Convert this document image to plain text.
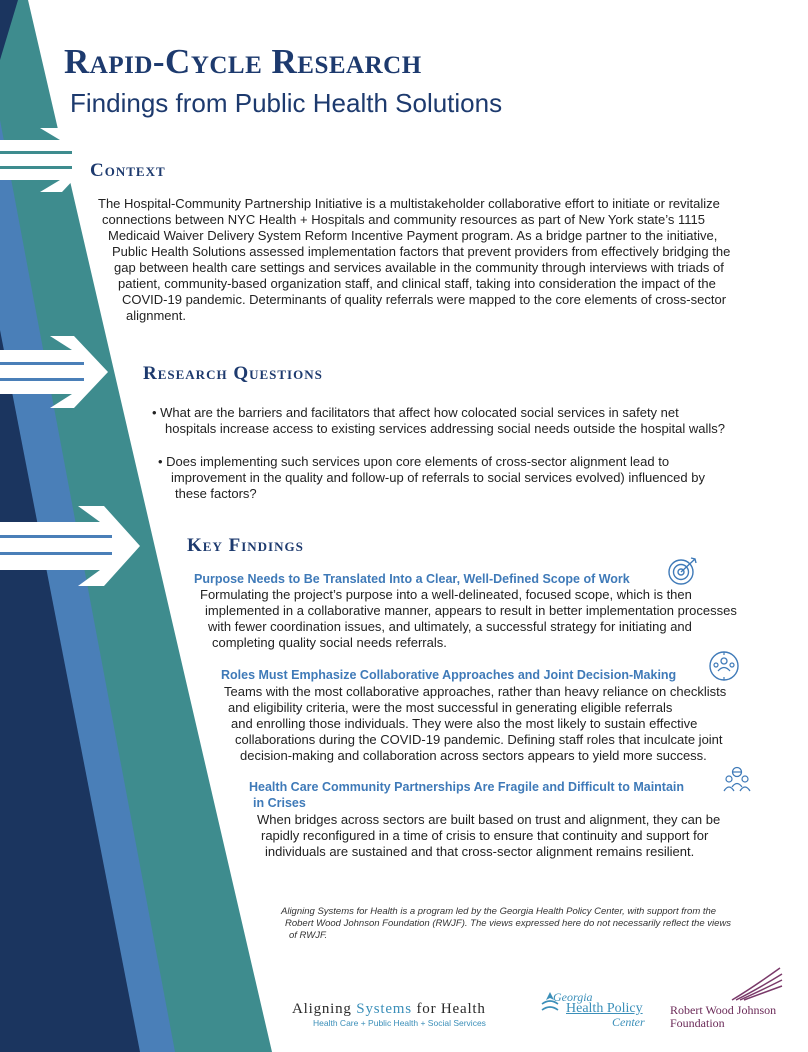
Rapid-Cycle Research
Findings from Public Health Solutions
Context
The Hospital-Community Partnership Initiative is a multistakeholder collaborative effort to initiate or revitalize
connections between NYC Health + Hospitals and community resources as part of New York state’s 1115
Medicaid Waiver Delivery System Reform Incentive Payment program. As a bridge partner to the initiative,
Public Health Solutions assessed implementation factors that prevent providers from effectively bridging the
gap between health care settings and services available in the community through interviews with triads of
patient, community-based organization staff, and clinical staff, taking into consideration the impact of the
COVID-19 pandemic. Determinants of quality referrals were mapped to the core elements of cross-sector
alignment.
Research Questions
• What are the barriers and facilitators that affect how colocated social services in safety net
hospitals increase access to existing services addressing social needs outside the hospital walls?
• Does implementing such services upon core elements of cross-sector alignment lead to
improvement in the quality and follow-up of referrals to social services evolved) influenced by
these factors?
Key Findings
Purpose Needs to Be Translated Into a Clear, Well-Defined Scope of Work
Formulating the project’s purpose into a well-delineated, focused scope, which is then
implemented in a collaborative manner, appears to result in better implementation processes
with fewer coordination issues, and ultimately, a successful strategy for initiating and
completing quality social needs referrals.
Roles Must Emphasize Collaborative Approaches and Joint Decision-Making
Teams with the most collaborative approaches, rather than heavy reliance on checklists
and eligibility criteria, were the most successful in generating eligible referrals
and enrolling those individuals. They were also the most likely to sustain effective
collaborations during the COVID-19 pandemic. Defining staff roles that inculcate joint
decision-making and collaboration across sectors appears to yield more success.
Health Care Community Partnerships Are Fragile and Difficult to Maintain
in Crises
When bridges across sectors are built based on trust and alignment, they can be
rapidly reconfigured in a time of crisis to ensure that continuity and support for
individuals are sustained and that cross-sector alignment remains resilient.
Aligning Systems for Health is a program led by the Georgia Health Policy Center, with support from the
Robert Wood Johnson Foundation (RWJF). The views expressed here do not necessarily reflect the views
of RWJF.
Aligning Systems for Health
Health Care + Public Health + Social Services
Georgia
Health Policy
Center
Robert Wood Johnson
Foundation
